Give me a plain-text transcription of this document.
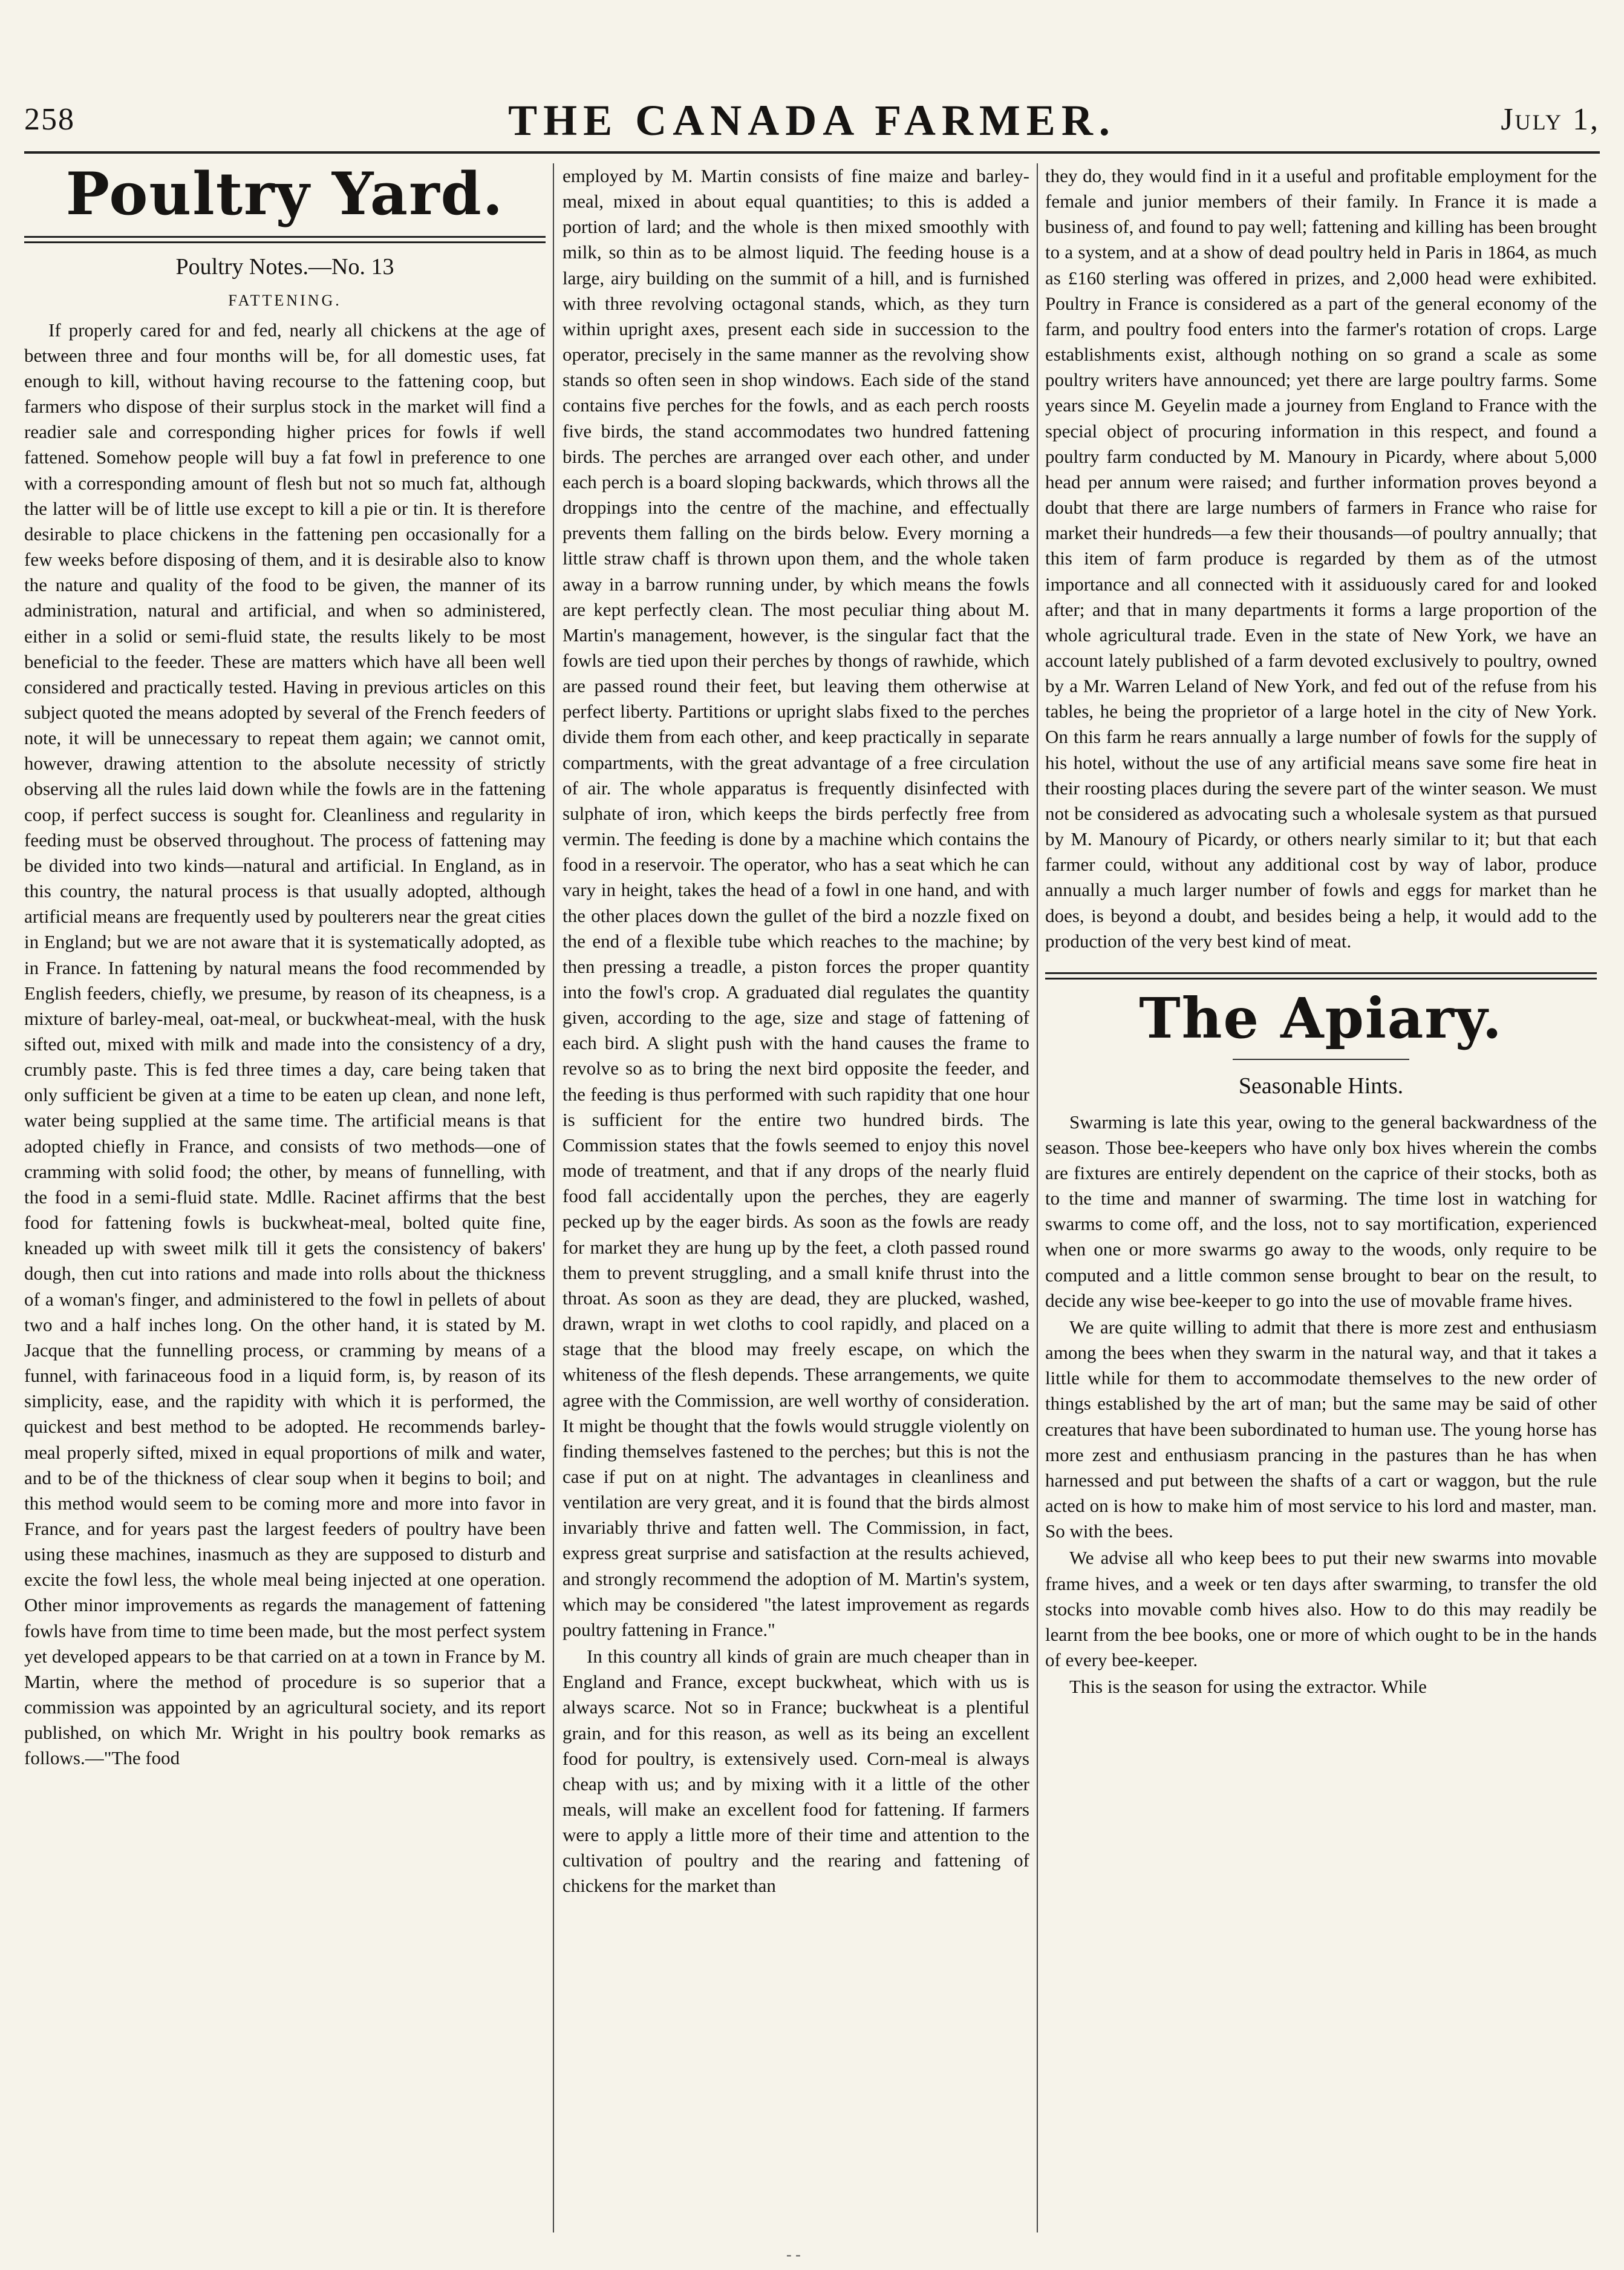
258	THE CANADA FARMER.	July 1,
Poultry Yard.
Poultry Notes.—No. 13
FATTENING.

If properly cared for and fed, nearly all chickens at the age of between three and four months will be, for all domestic uses, fat enough to kill, without having recourse to the fattening coop, but farmers who dispose of their surplus stock in the market will find a readier sale and corresponding higher prices for fowls if well fattened. Somehow people will buy a fat fowl in preference to one with a corresponding amount of flesh but not so much fat, although the latter will be of little use except to kill a pie or tin. It is therefore desirable to place chickens in the fattening pen occasionally for a few weeks before disposing of them, and it is desirable also to know the nature and quality of the food to be given, the manner of its administration, natural and artificial, and when so administered, either in a solid or semi-fluid state, the results likely to be most beneficial to the feeder. These are matters which have all been well considered and practically tested. Having in previous articles on this subject quoted the means adopted by several of the French feeders of note, it will be unnecessary to repeat them again; we cannot omit, however, drawing attention to the absolute necessity of strictly observing all the rules laid down while the fowls are in the fattening coop, if perfect success is sought for. Cleanliness and regularity in feeding must be observed throughout. The process of fattening may be divided into two kinds—natural and artificial. In England, as in this country, the natural process is that usually adopted, although artificial means are frequently used by poulterers near the great cities in England; but we are not aware that it is systematically adopted, as in France. In fattening by natural means the food recommended by English feeders, chiefly, we presume, by reason of its cheapness, is a mixture of barley-meal, oat-meal, or buckwheat-meal, with the husk sifted out, mixed with milk and made into the consistency of a dry, crumbly paste. This is fed three times a day, care being taken that only sufficient be given at a time to be eaten up clean, and none left, water being supplied at the same time. The artificial means is that adopted chiefly in France, and consists of two methods—one of cramming with solid food; the other, by means of funnelling, with the food in a semi-fluid state. Mdlle. Racinet affirms that the best food for fattening fowls is buckwheat-meal, bolted quite fine, kneaded up with sweet milk till it gets the consistency of bakers' dough, then cut into rations and made into rolls about the thickness of a woman's finger, and administered to the fowl in pellets of about two and a half inches long. On the other hand, it is stated by M. Jacque that the funnelling process, or cramming by means of a funnel, with farinaceous food in a liquid form, is, by reason of its simplicity, ease, and the rapidity with which it is performed, the quickest and best method to be adopted. He recommends barley-meal properly sifted, mixed in equal proportions of milk and water, and to be of the thickness of clear soup when it begins to boil; and this method would seem to be coming more and more into favor in France, and for years past the largest feeders of poultry have been using these machines, inasmuch as they are supposed to disturb and excite the fowl less, the whole meal being injected at one operation. Other minor improvements as regards the management of fattening fowls have from time to time been made, but the most perfect system yet developed appears to be that carried on at a town in France by M. Martin, where the method of procedure is so superior that a commission was appointed by an agricultural society, and its report published, on which Mr. Wright in his poultry book remarks as follows.—"The food

employed by M. Martin consists of fine maize and barley-meal, mixed in about equal quantities; to this is added a portion of lard; and the whole is then mixed smoothly with milk, so thin as to be almost liquid. The feeding house is a large, airy building on the summit of a hill, and is furnished with three revolving octagonal stands, which, as they turn within upright axes, present each side in succession to the operator, precisely in the same manner as the revolving show stands so often seen in shop windows. Each side of the stand contains five perches for the fowls, and as each perch roosts five birds, the stand accommodates two hundred fattening birds. The perches are arranged over each other, and under each perch is a board sloping backwards, which throws all the droppings into the centre of the machine, and effectually prevents them falling on the birds below. Every morning a little straw chaff is thrown upon them, and the whole taken away in a barrow running under, by which means the fowls are kept perfectly clean. The most peculiar thing about M. Martin's management, however, is the singular fact that the fowls are tied upon their perches by thongs of rawhide, which are passed round their feet, but leaving them otherwise at perfect liberty. Partitions or upright slabs fixed to the perches divide them from each other, and keep practically in separate compartments, with the great advantage of a free circulation of air. The whole apparatus is frequently disinfected with sulphate of iron, which keeps the birds perfectly free from vermin. The feeding is done by a machine which contains the food in a reservoir. The operator, who has a seat which he can vary in height, takes the head of a fowl in one hand, and with the other places down the gullet of the bird a nozzle fixed on the end of a flexible tube which reaches to the machine; by then pressing a treadle, a piston forces the proper quantity into the fowl's crop. A graduated dial regulates the quantity given, according to the age, size and stage of fattening of each bird. A slight push with the hand causes the frame to revolve so as to bring the next bird opposite the feeder, and the feeding is thus performed with such rapidity that one hour is sufficient for the entire two hundred birds. The Commission states that the fowls seemed to enjoy this novel mode of treatment, and that if any drops of the nearly fluid food fall accidentally upon the perches, they are eagerly pecked up by the eager birds. As soon as the fowls are ready for market they are hung up by the feet, a cloth passed round them to prevent struggling, and a small knife thrust into the throat. As soon as they are dead, they are plucked, washed, drawn, wrapt in wet cloths to cool rapidly, and placed on a stage that the blood may freely escape, on which the whiteness of the flesh depends. These arrangements, we quite agree with the Commission, are well worthy of consideration. It might be thought that the fowls would struggle violently on finding themselves fastened to the perches; but this is not the case if put on at night. The advantages in cleanliness and ventilation are very great, and it is found that the birds almost invariably thrive and fatten well. The Commission, in fact, express great surprise and satisfaction at the results achieved, and strongly recommend the adoption of M. Martin's system, which may be considered "the latest improvement as regards poultry fattening in France."

In this country all kinds of grain are much cheaper than in England and France, except buckwheat, which with us is always scarce. Not so in France; buckwheat is a plentiful grain, and for this reason, as well as its being an excellent food for poultry, is extensively used. Corn-meal is always cheap with us; and by mixing with it a little of the other meals, will make an excellent food for fattening. If farmers were to apply a little more of their time and attention to the cultivation of poultry and the rearing and fattening of chickens for the market than

they do, they would find in it a useful and profitable employment for the female and junior members of their family. In France it is made a business of, and found to pay well; fattening and killing has been brought to a system, and at a show of dead poultry held in Paris in 1864, as much as £160 sterling was offered in prizes, and 2,000 head were exhibited. Poultry in France is considered as a part of the general economy of the farm, and poultry food enters into the farmer's rotation of crops. Large establishments exist, although nothing on so grand a scale as some poultry writers have announced; yet there are large poultry farms. Some years since M. Geyelin made a journey from England to France with the special object of procuring information in this respect, and found a poultry farm conducted by M. Manoury in Picardy, where about 5,000 head per annum were raised; and further information proves beyond a doubt that there are large numbers of farmers in France who raise for market their hundreds—a few their thousands—of poultry annually; that this item of farm produce is regarded by them as of the utmost importance and all connected with it assiduously cared for and looked after; and that in many departments it forms a large proportion of the whole agricultural trade. Even in the state of New York, we have an account lately published of a farm devoted exclusively to poultry, owned by a Mr. Warren Leland of New York, and fed out of the refuse from his tables, he being the proprietor of a large hotel in the city of New York. On this farm he rears annually a large number of fowls for the supply of his hotel, without the use of any artificial means save some fire heat in their roosting places during the severe part of the winter season. We must not be considered as advocating such a wholesale system as that pursued by M. Manoury of Picardy, or others nearly similar to it; but that each farmer could, without any additional cost by way of labor, produce annually a much larger number of fowls and eggs for market than he does, is beyond a doubt, and besides being a help, it would add to the production of the very best kind of meat.

The Apiary.
Seasonable Hints.

Swarming is late this year, owing to the general backwardness of the season. Those bee-keepers who have only box hives wherein the combs are fixtures are entirely dependent on the caprice of their stocks, both as to the time and manner of swarming. The time lost in watching for swarms to come off, and the loss, not to say mortification, experienced when one or more swarms go away to the woods, only require to be computed and a little common sense brought to bear on the result, to decide any wise bee-keeper to go into the use of movable frame hives.

We are quite willing to admit that there is more zest and enthusiasm among the bees when they swarm in the natural way, and that it takes a little while for them to accommodate themselves to the new order of things established by the art of man; but the same may be said of other creatures that have been subordinated to human use. The young horse has more zest and enthusiasm prancing in the pastures than he has when harnessed and put between the shafts of a cart or waggon, but the rule acted on is how to make him of most service to his lord and master, man. So with the bees.

We advise all who keep bees to put their new swarms into movable frame hives, and a week or ten days after swarming, to transfer the old stocks into movable comb hives also. How to do this may readily be learnt from the bee books, one or more of which ought to be in the hands of every bee-keeper.

This is the season for using the extractor. While

- -
